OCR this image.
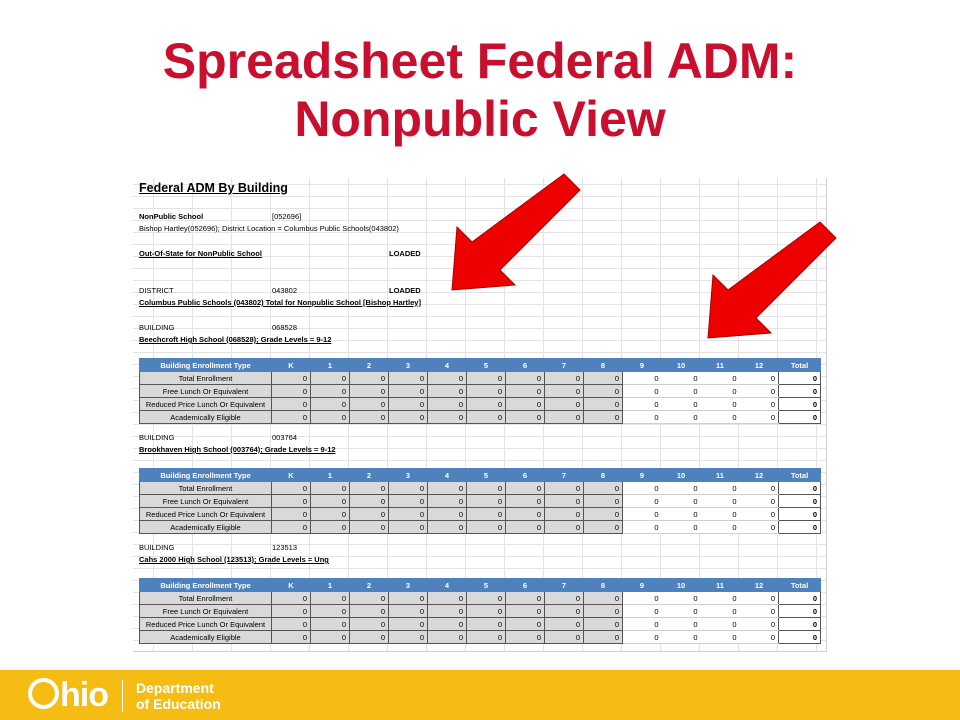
Spreadsheet Federal ADM:
Nonpublic View
Federal ADM By Building
NonPublic School	[052696]
Bishop Hartley(052696); District Location = Columbus Public Schools(043802)
Out-Of-State for NonPublic School	LOADED
DISTRICT	043802	LOADED
Columbus Public Schools (043802) Total for Nonpublic School [Bishop Hartley]
BUILDING	068528
Beechcroft High School (068528); Grade Levels = 9-12
Building Enrollment Type	K	1	2	3	4	5	6	7	8	9	10	11	12	Total
Total Enrollment	0	0	0	0	0	0	0	0	0	0	0	0	0	0
Free Lunch Or Equivalent	0	0	0	0	0	0	0	0	0	0	0	0	0	0
Reduced Price Lunch Or Equivalent	0	0	0	0	0	0	0	0	0	0	0	0	0	0
Academically Eligible	0	0	0	0	0	0	0	0	0	0	0	0	0	0
BUILDING	003764
Brookhaven High School (003764); Grade Levels = 9-12
Building Enrollment Type	K	1	2	3	4	5	6	7	8	9	10	11	12	Total
Total Enrollment	0	0	0	0	0	0	0	0	0	0	0	0	0	0
Free Lunch Or Equivalent	0	0	0	0	0	0	0	0	0	0	0	0	0	0
Reduced Price Lunch Or Equivalent	0	0	0	0	0	0	0	0	0	0	0	0	0	0
Academically Eligible	0	0	0	0	0	0	0	0	0	0	0	0	0	0
BUILDING	123513
Cahs 2000 High School (123513); Grade Levels = Ung
Building Enrollment Type	K	1	2	3	4	5	6	7	8	9	10	11	12	Total
Total Enrollment	0	0	0	0	0	0	0	0	0	0	0	0	0	0
Free Lunch Or Equivalent	0	0	0	0	0	0	0	0	0	0	0	0	0	0
Reduced Price Lunch Or Equivalent	0	0	0	0	0	0	0	0	0	0	0	0	0	0
Academically Eligible	0	0	0	0	0	0	0	0	0	0	0	0	0	0
hio Department
of Education
